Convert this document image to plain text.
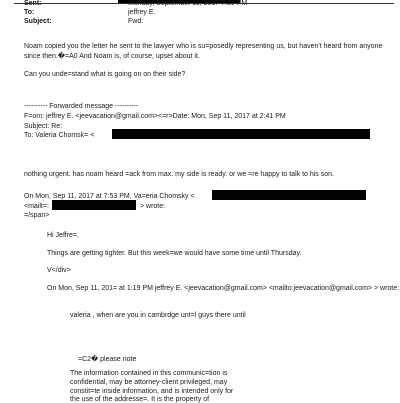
Sent:	Monday, September 11, 2017 7:39 PM
To:	jeffrey E.
Subject:	Fwd:
Noam copied you the letter he sent to the lawyer who is su=posedly representing us, but haven't heard from anyone
since then.�=A0 And Noam is, of course, upset about it.
Can you unde=stand what is going on on their side?
---------- Forwarded message ----------
F=om: jeffrey E. <jeevacation@gmail.com><=r>Date: Mon, Sep 11, 2017 at 2:41 PM
Subject: Re:
To: Valeria Chomsk= <
nothing urgent. has noam heard =ack from max. my side is ready. or we =re happy to talk to his son.
On Mon, Sep 11, 2017 at 7:53 PM, Va=eria Chomsky <
<mailt=:	> wrote:
=/span>
Hi Jeffre=,
Things are getting tighter. But this week=we would have some time until Thursday.
V</div>
On Mon, Sep 11, 201= at 1:19 PM jeffrey E. <jeevacation@gmail.com> <mailto:jeevacation@gmail.com> > wrote:
valeria , when are you in cambrdge unt=l guys there until
=C2� please note
The information contained in this communic=tion is
confidential, may be attorney-client privileged, may
constit=te inside information, and is intended only for
the use of the addresse=. It is the property of
